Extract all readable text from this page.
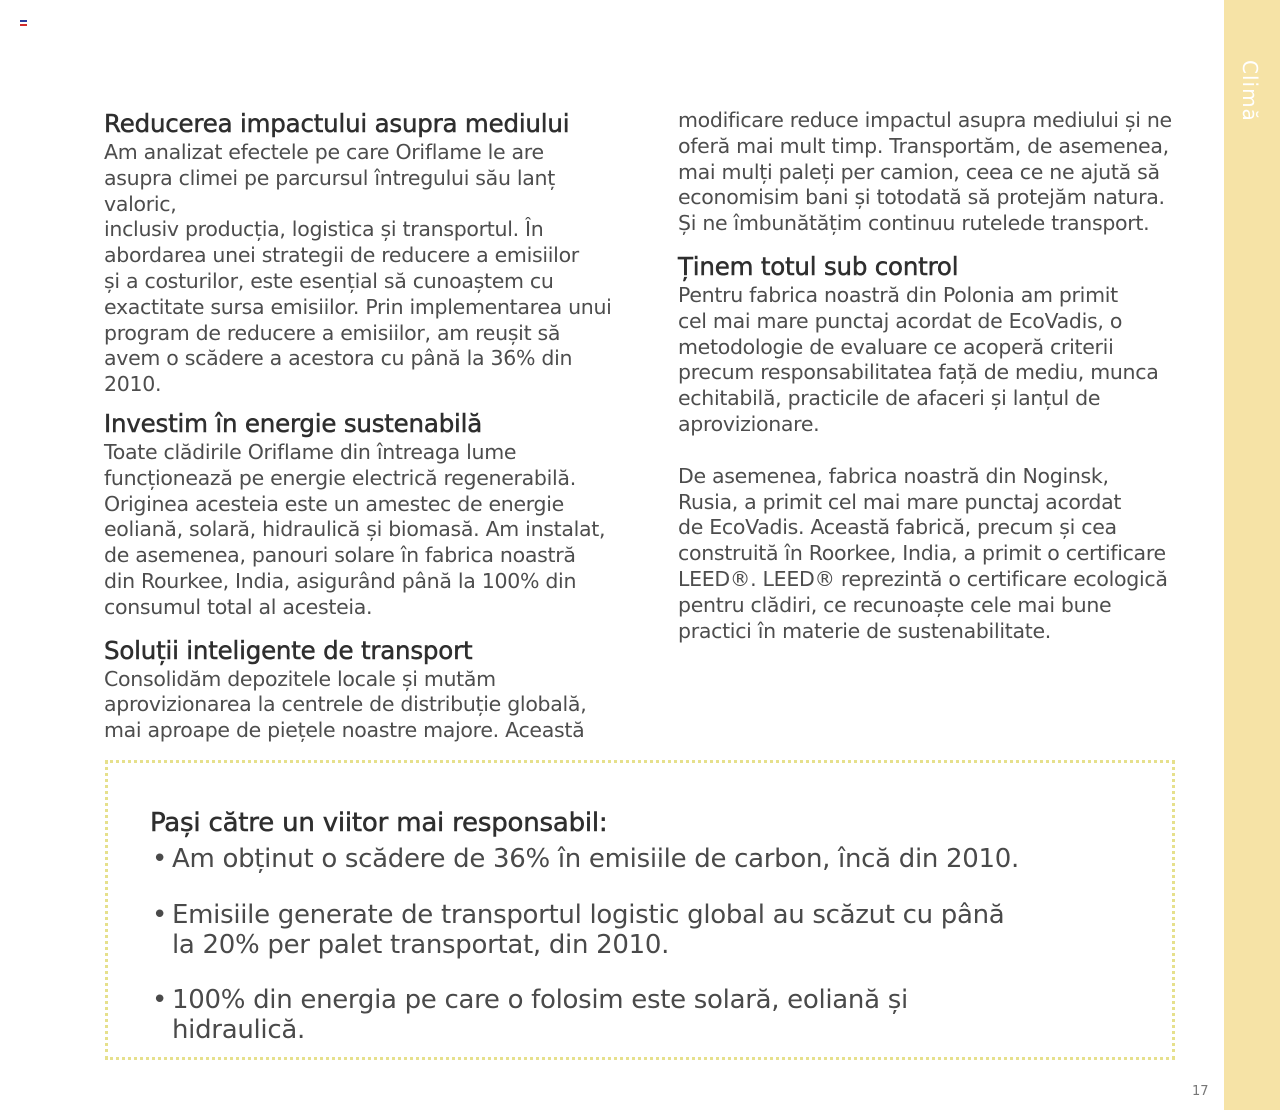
Climă
Reducerea impactului asupra mediului

Am analizat efectele pe care Oriflame le are
asupra climei pe parcursul întregului său lanț valoric,
inclusiv producția, logistica și transportul. În
abordarea unei strategii de reducere a emisiilor
și a costurilor, este esențial să cunoaștem cu
exactitate sursa emisiilor. Prin implementarea unui
program de reducere a emisiilor, am reușit să
avem o scădere a acestora cu până la 36% din
2010.

Investim în energie sustenabilă

Toate clădirile Oriflame din întreaga lume
funcționează pe energie electrică regenerabilă.
Originea acesteia este un amestec de energie
eoliană, solară, hidraulică și biomasă. Am instalat,
de asemenea, panouri solare în fabrica noastră
din Rourkee, India, asigurând până la 100% din
consumul total al acesteia.

Soluții inteligente de transport

Consolidăm depozitele locale și mutăm
aprovizionarea la centrele de distribuție globală,
mai aproape de piețele noastre majore. Această

modificare reduce impactul asupra mediului și ne
oferă mai mult timp. Transportăm, de asemenea,
mai mulți paleți per camion, ceea ce ne ajută să
economisim bani și totodată să protejăm natura.
Și ne îmbunătățim continuu rutelede transport.

Ținem totul sub control

Pentru fabrica noastră din Polonia am primit
cel mai mare punctaj acordat de EcoVadis, o
metodologie de evaluare ce acoperă criterii
precum responsabilitatea față de mediu, munca
echitabilă, practicile de afaceri și lanțul de
aprovizionare.

De asemenea, fabrica noastră din Noginsk,
Rusia, a primit cel mai mare punctaj acordat
de EcoVadis. Această fabrică, precum și cea
construită în Roorkee, India, a primit o certificare
LEED®. LEED® reprezintă o certificare ecologică
pentru clădiri, ce recunoaște cele mai bune
practici în materie de sustenabilitate.

Pași către un viitor mai responsabil:
• Am obținut o scădere de 36% în emisiile de carbon, încă din 2010.
• Emisiile generate de transportul logistic global au scăzut cu până
la 20% per palet transportat, din 2010.
• 100% din energia pe care o folosim este solară, eoliană și hidraulică.
17
